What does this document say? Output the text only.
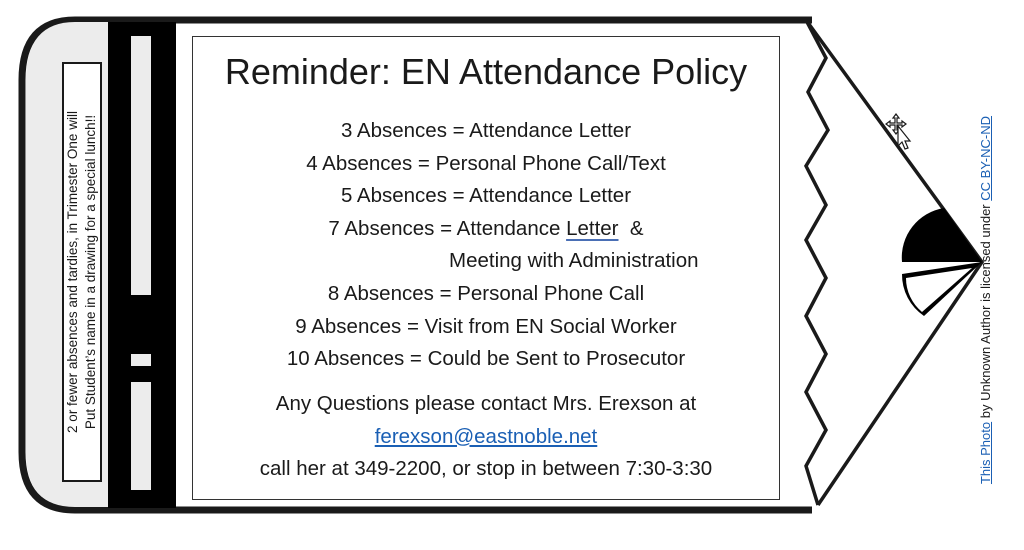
2 or fewer absences and tardies, in Trimester One will Put Student’s name in a drawing for a special lunch!!
Reminder: EN Attendance Policy
3 Absences = Attendance Letter
4 Absences = Personal Phone Call/Text
5 Absences = Attendance Letter
7 Absences = Attendance Letter  &
Meeting with Administration
8 Absences = Personal Phone Call
9 Absences = Visit from EN Social Worker
10 Absences = Could be Sent to Prosecutor
Any Questions please contact Mrs. Erexson at
ferexson@eastnoble.net
call her at 349-2200, or stop in between 7:30-3:30	This Photo by Unknown Author is licensed under CC BY-NC-ND
